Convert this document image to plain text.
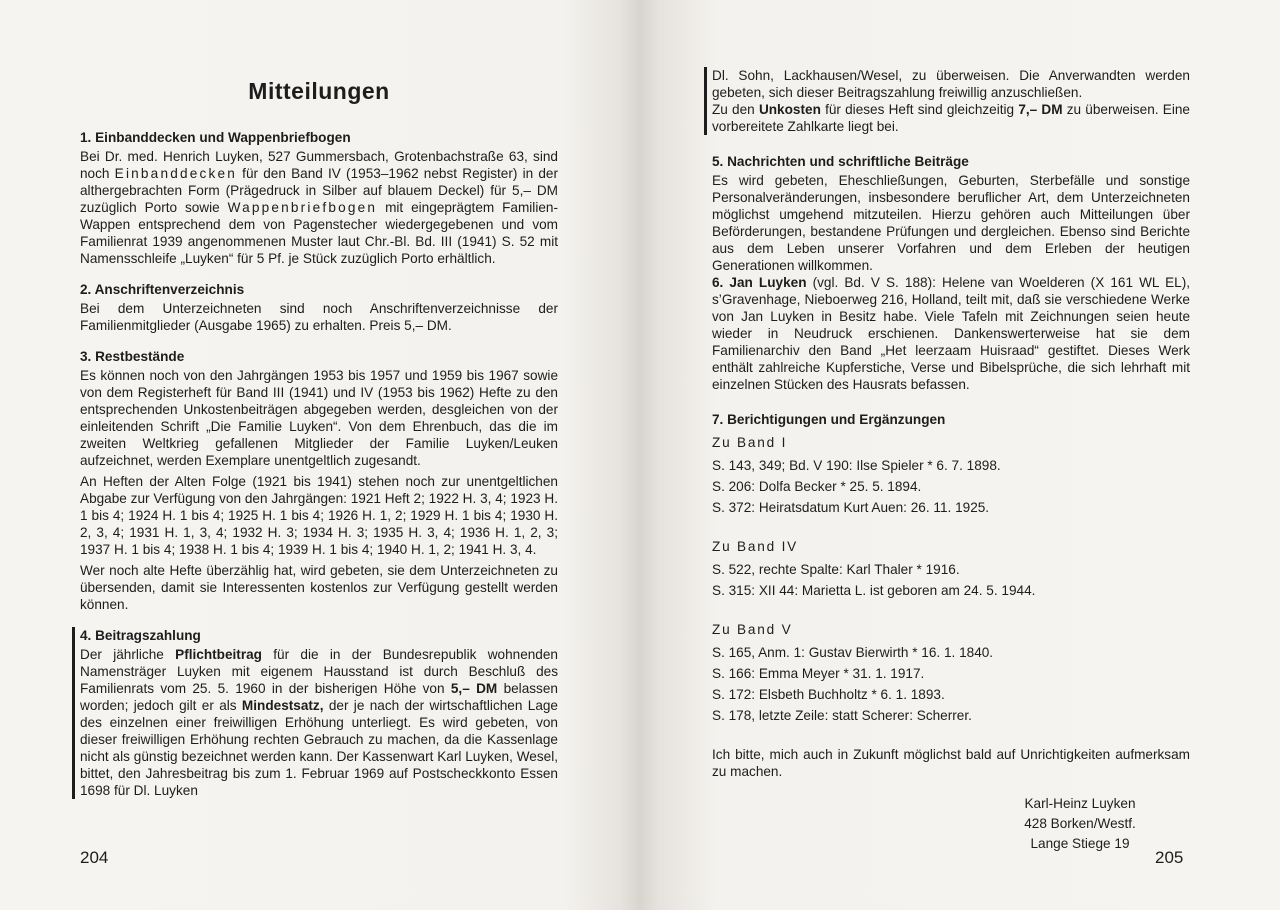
Mitteilungen
1. Einbanddecken und Wappenbriefbogen

Bei Dr. med. Henrich Luyken, 527 Gummersbach, Grotenbachstraße 63, sind noch Einbanddecken für den Band IV (1953–1962 nebst Register) in der althergebrachten Form (Prägedruck in Silber auf blauem Deckel) für 5,– DM zuzüglich Porto sowie Wappenbriefbogen mit eingeprägtem Familien-Wappen entsprechend dem von Pagenstecher wiedergegebenen und vom Familienrat 1939 angenommenen Muster laut Chr.-Bl. Bd. III (1941) S. 52 mit Namensschleife „Luyken“ für 5 Pf. je Stück zuzüglich Porto erhältlich.

2. Anschriftenverzeichnis

Bei dem Unterzeichneten sind noch Anschriftenverzeichnisse der Familienmitglieder (Ausgabe 1965) zu erhalten. Preis 5,– DM.

3. Restbestände

Es können noch von den Jahrgängen 1953 bis 1957 und 1959 bis 1967 sowie von dem Registerheft für Band III (1941) und IV (1953 bis 1962) Hefte zu den entsprechenden Unkostenbeiträgen abgegeben werden, desgleichen von der einleitenden Schrift „Die Familie Luyken“. Von dem Ehrenbuch, das die im zweiten Weltkrieg gefallenen Mitglieder der Familie Luyken/Leuken aufzeichnet, werden Exemplare unentgeltlich zugesandt.

An Heften der Alten Folge (1921 bis 1941) stehen noch zur unentgeltlichen Abgabe zur Verfügung von den Jahrgängen: 1921 Heft 2; 1922 H. 3, 4; 1923 H. 1 bis 4; 1924 H. 1 bis 4; 1925 H. 1 bis 4; 1926 H. 1, 2; 1929 H. 1 bis 4; 1930 H. 2, 3, 4; 1931 H. 1, 3, 4; 1932 H. 3; 1934 H. 3; 1935 H. 3, 4; 1936 H. 1, 2, 3; 1937 H. 1 bis 4; 1938 H. 1 bis 4; 1939 H. 1 bis 4; 1940 H. 1, 2; 1941 H. 3, 4.

Wer noch alte Hefte überzählig hat, wird gebeten, sie dem Unterzeichneten zu übersenden, damit sie Interessenten kostenlos zur Verfügung gestellt werden können.

4. Beitragszahlung

Der jährliche Pflichtbeitrag für die in der Bundesrepublik wohnenden Namensträger Luyken mit eigenem Hausstand ist durch Beschluß des Familienrats vom 25. 5. 1960 in der bisherigen Höhe von 5,– DM belassen worden; jedoch gilt er als Mindestsatz, der je nach der wirtschaftlichen Lage des einzelnen einer freiwilligen Erhöhung unterliegt. Es wird gebeten, von dieser freiwilligen Erhöhung rechten Gebrauch zu machen, da die Kassenlage nicht als günstig bezeichnet werden kann. Der Kassenwart Karl Luyken, Wesel, bittet, den Jahresbeitrag bis zum 1. Februar 1969 auf Postscheckkonto Essen 1698 für Dl. Luyken

204

Dl. Sohn, Lackhausen/Wesel, zu überweisen. Die Anverwandten werden gebeten, sich dieser Beitragszahlung freiwillig anzuschließen.

Zu den Unkosten für dieses Heft sind gleichzeitig 7,– DM zu überweisen. Eine vorbereitete Zahlkarte liegt bei.

5. Nachrichten und schriftliche Beiträge

Es wird gebeten, Eheschließungen, Geburten, Sterbefälle und sonstige Personalveränderungen, insbesondere beruflicher Art, dem Unterzeichneten möglichst umgehend mitzuteilen. Hierzu gehören auch Mitteilungen über Beförderungen, bestandene Prüfungen und dergleichen. Ebenso sind Berichte aus dem Leben unserer Vorfahren und dem Erleben der heutigen Generationen willkommen.

6. Jan Luyken (vgl. Bd. V S. 188): Helene van Woelderen (X 161 WL EL), s’Gravenhage, Nieboerweg 216, Holland, teilt mit, daß sie verschiedene Werke von Jan Luyken in Besitz habe. Viele Tafeln mit Zeichnungen seien heute wieder in Neudruck erschienen. Dankenswerterweise hat sie dem Familienarchiv den Band „Het leerzaam Huisraad“ gestiftet. Dieses Werk enthält zahlreiche Kupferstiche, Verse und Bibelsprüche, die sich lehrhaft mit einzelnen Stücken des Hausrats befassen.

7. Berichtigungen und Ergänzungen
Zu Band I
S. 143, 349; Bd. V 190: Ilse Spieler * 6. 7. 1898.
S. 206: Dolfa Becker * 25. 5. 1894.
S. 372: Heiratsdatum Kurt Auen: 26. 11. 1925.
Zu Band IV
S. 522, rechte Spalte: Karl Thaler * 1916.
S. 315: XII 44: Marietta L. ist geboren am 24. 5. 1944.
Zu Band V
S. 165, Anm. 1: Gustav Bierwirth * 16. 1. 1840.
S. 166: Emma Meyer * 31. 1. 1917.
S. 172: Elsbeth Buchholtz * 6. 1. 1893.
S. 178, letzte Zeile: statt Scherer: Scherrer.

Ich bitte, mich auch in Zukunft möglichst bald auf Unrichtigkeiten aufmerksam zu machen.

Karl-Heinz Luyken
428 Borken/Westf.
Lange Stiege 19
205
